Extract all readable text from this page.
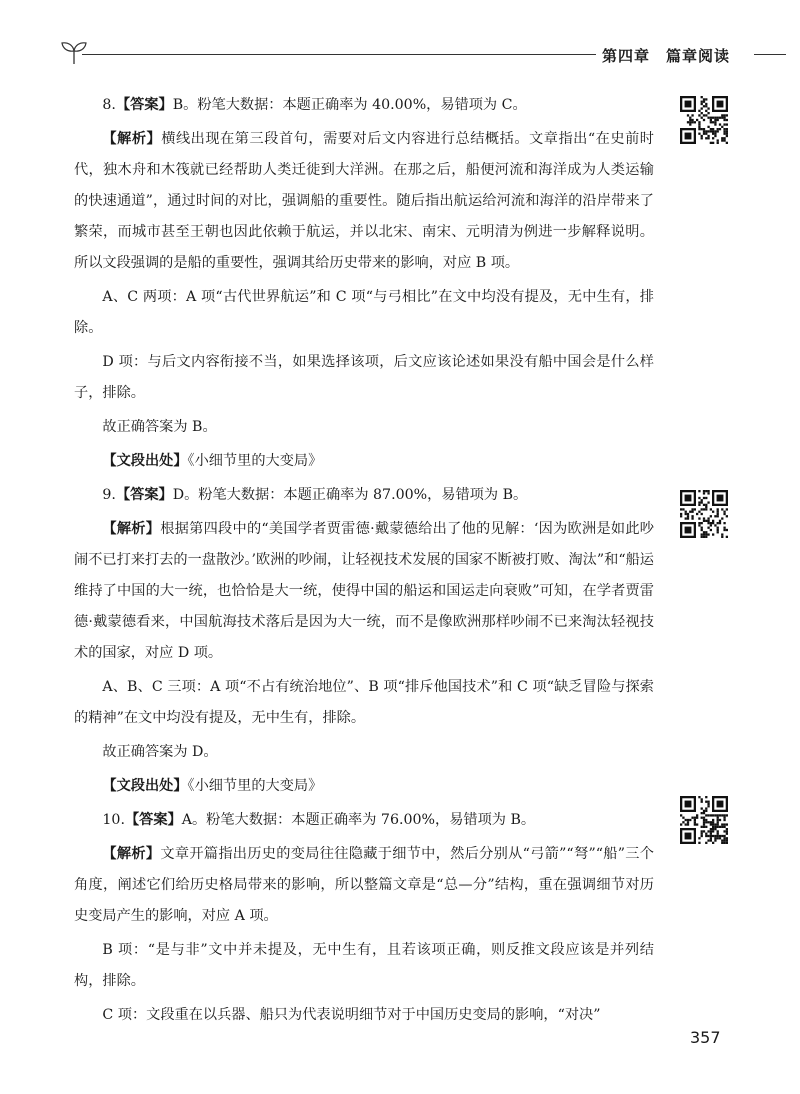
第四章　篇章阅读

8.【答案】B。粉笔大数据：本题正确率为 40.00%，易错项为 C。

【解析】横线出现在第三段首句，需要对后文内容进行总结概括。文章指出“在史前时代，独木舟和木筏就已经帮助人类迁徙到大洋洲。在那之后，船便河流和海洋成为人类运输的快速通道”，通过时间的对比，强调船的重要性。随后指出航运给河流和海洋的沿岸带来了繁荣，而城市甚至王朝也因此依赖于航运，并以北宋、南宋、元明清为例进一步解释说明。所以文段强调的是船的重要性，强调其给历史带来的影响，对应 B 项。

A、C 两项：A 项“古代世界航运”和 C 项“与弓相比”在文中均没有提及，无中生有，排除。

D 项：与后文内容衔接不当，如果选择该项，后文应该论述如果没有船中国会是什么样子，排除。

故正确答案为 B。

【文段出处】《小细节里的大变局》

9.【答案】D。粉笔大数据：本题正确率为 87.00%，易错项为 B。

【解析】根据第四段中的“美国学者贾雷德·戴蒙德给出了他的见解：‘因为欧洲是如此吵闹不已打来打去的一盘散沙。’欧洲的吵闹，让轻视技术发展的国家不断被打败、淘汰”和“船运维持了中国的大一统，也恰恰是大一统，使得中国的船运和国运走向衰败”可知，在学者贾雷德·戴蒙德看来，中国航海技术落后是因为大一统，而不是像欧洲那样吵闹不已来淘汰轻视技术的国家，对应 D 项。

A、B、C 三项：A 项“不占有统治地位”、B 项“排斥他国技术”和 C 项“缺乏冒险与探索的精神”在文中均没有提及，无中生有，排除。

故正确答案为 D。

【文段出处】《小细节里的大变局》

10.【答案】A。粉笔大数据：本题正确率为 76.00%，易错项为 B。

【解析】文章开篇指出历史的变局往往隐藏于细节中，然后分别从“弓箭”“弩”“船”三个角度，阐述它们给历史格局带来的影响，所以整篇文章是“总—分”结构，重在强调细节对历史变局产生的影响，对应 A 项。

B 项：“是与非”文中并未提及，无中生有，且若该项正确，则反推文段应该是并列结构，排除。

C 项：文段重在以兵器、船只为代表说明细节对于中国历史变局的影响，“对决”

357
